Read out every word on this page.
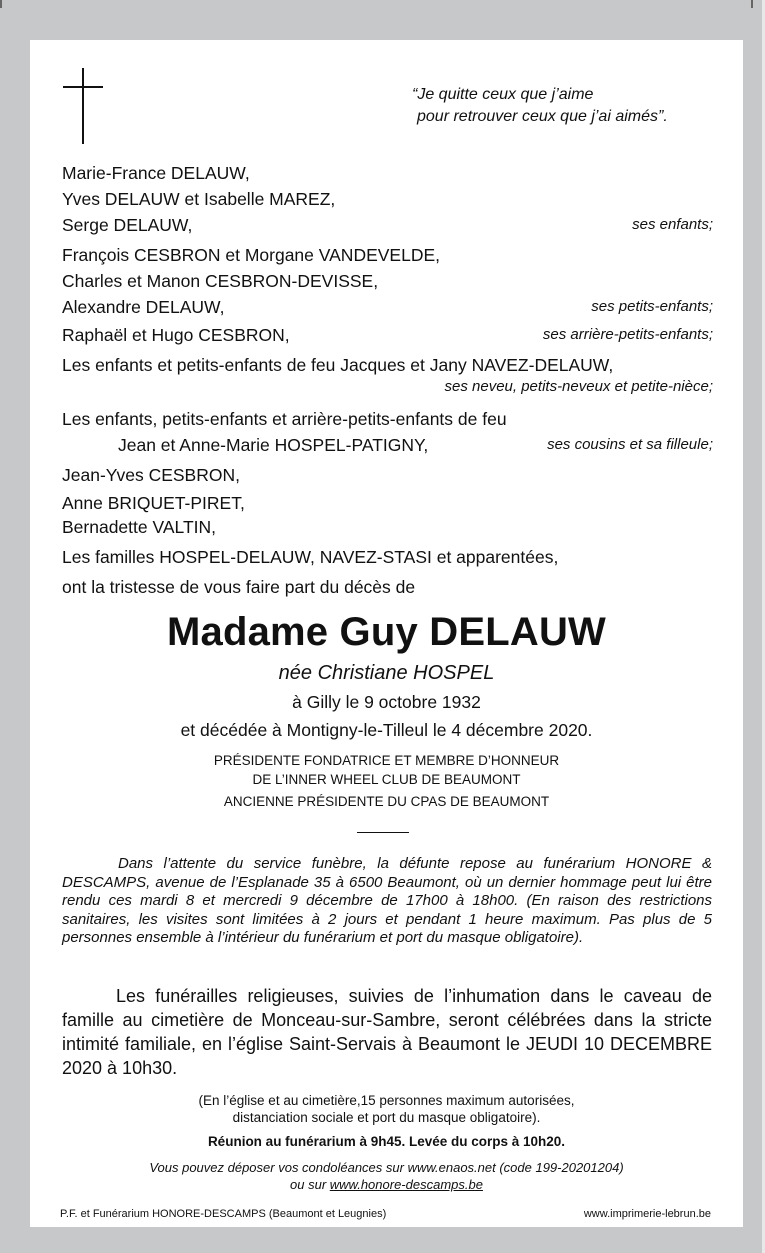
“Je quitte ceux que j’aime
pour retrouver ceux que j’ai aimés”.
Marie-France DELAUW,
Yves DELAUW et Isabelle MAREZ,
Serge DELAUW,	ses enfants;
François CESBRON et Morgane VANDEVELDE,
Charles et Manon CESBRON-DEVISSE,
Alexandre DELAUW,	ses petits-enfants;
Raphaël et Hugo CESBRON,	ses arrière-petits-enfants;
Les enfants et petits-enfants de feu Jacques et Jany NAVEZ-DELAUW,
ses neveu, petits-neveux et petite-nièce;
Les enfants, petits-enfants et arrière-petits-enfants de feu
Jean et Anne-Marie HOSPEL-PATIGNY,	ses cousins et sa filleule;
Jean-Yves CESBRON,
Anne BRIQUET-PIRET,
Bernadette VALTIN,
Les familles HOSPEL-DELAUW, NAVEZ-STASI et apparentées,
ont la tristesse de vous faire part du décès de
Madame Guy DELAUW
née Christiane HOSPEL
à Gilly le 9 octobre 1932
et décédée à Montigny-le-Tilleul le 4 décembre 2020.
PRÉSIDENTE FONDATRICE ET MEMBRE D’HONNEUR
DE L’INNER WHEEL CLUB DE BEAUMONT
ANCIENNE PRÉSIDENTE DU CPAS DE BEAUMONT
Dans l’attente du service funèbre, la défunte repose au funérarium HONORE & DESCAMPS, avenue de l’Esplanade 35 à 6500 Beaumont, où un dernier hommage peut lui être rendu ces mardi 8 et mercredi 9 décembre de 17h00 à 18h00. (En raison des restrictions sanitaires, les visites sont limitées à 2 jours et pendant 1 heure maximum. Pas plus de 5 personnes ensemble à l’intérieur du funérarium et port du masque obligatoire).
Les funérailles religieuses, suivies de l’inhumation dans le caveau de famille au cimetière de Monceau-sur-Sambre, seront célébrées dans la stricte intimité familiale, en l’église Saint-Servais à Beaumont le JEUDI 10 DECEMBRE 2020 à 10h30.
(En l’église et au cimetière,15 personnes maximum autorisées,
distanciation sociale et port du masque obligatoire).
Réunion au funérarium à 9h45. Levée du corps à 10h20.
Vous pouvez déposer vos condoléances sur www.enaos.net (code 199-20201204)
ou sur www.honore-descamps.be
P.F. et Funérarium HONORE-DESCAMPS (Beaumont et Leugnies)	www.imprimerie-lebrun.be
